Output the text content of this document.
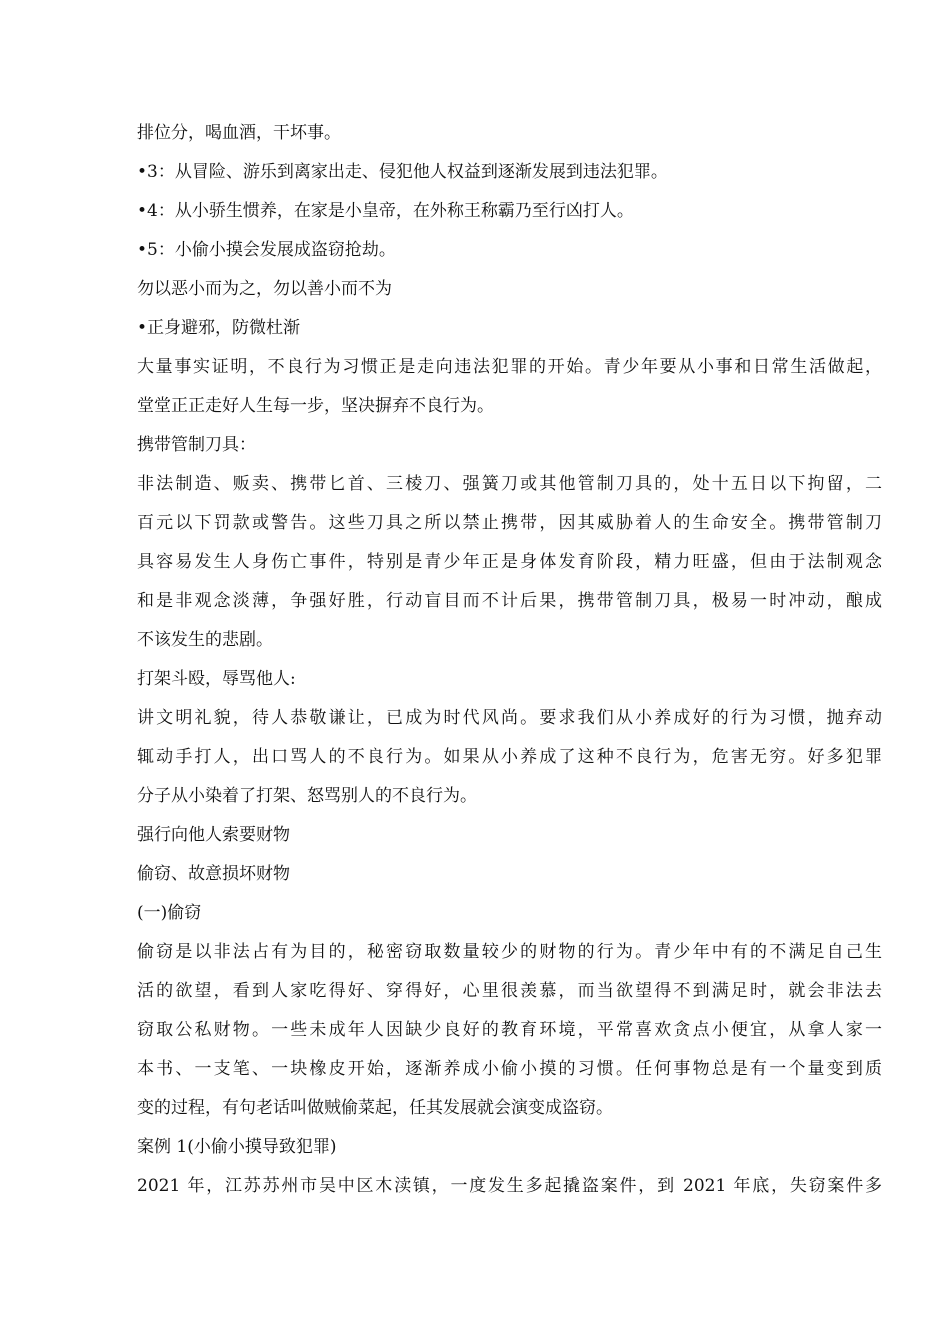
排位分，喝血酒，干坏事。
•3：从冒险、游乐到离家出走、侵犯他人权益到逐渐发展到违法犯罪。
•4：从小骄生惯养，在家是小皇帝，在外称王称霸乃至行凶打人。
•5：小偷小摸会发展成盗窃抢劫。
勿以恶小而为之，勿以善小而不为
•正身避邪，防微杜渐
大量事实证明，不良行为习惯正是走向违法犯罪的开始。青少年要从小事和日常生活做起，
堂堂正正走好人生每一步，坚决摒弃不良行为。
携带管制刀具：
非法制造、贩卖、携带匕首、三棱刀、强簧刀或其他管制刀具的，处十五日以下拘留，二
百元以下罚款或警告。这些刀具之所以禁止携带，因其威胁着人的生命安全。携带管制刀
具容易发生人身伤亡事件，特别是青少年正是身体发育阶段，精力旺盛，但由于法制观念
和是非观念淡薄，争强好胜，行动盲目而不计后果，携带管制刀具，极易一时冲动，酿成
不该发生的悲剧。
打架斗殴，辱骂他人:
讲文明礼貌，待人恭敬谦让，已成为时代风尚。要求我们从小养成好的行为习惯，抛弃动
辄动手打人，出口骂人的不良行为。如果从小养成了这种不良行为，危害无穷。好多犯罪
分子从小染着了打架、怒骂别人的不良行为。
强行向他人索要财物
偷窃、故意损坏财物
(一)偷窃
偷窃是以非法占有为目的，秘密窃取数量较少的财物的行为。青少年中有的不满足自己生
活的欲望，看到人家吃得好、穿得好，心里很羡慕，而当欲望得不到满足时，就会非法去
窃取公私财物。一些未成年人因缺少良好的教育环境，平常喜欢贪点小便宜，从拿人家一
本书、一支笔、一块橡皮开始，逐渐养成小偷小摸的习惯。任何事物总是有一个量变到质
变的过程，有句老话叫做贼偷菜起，任其发展就会演变成盗窃。
案例 1(小偷小摸导致犯罪)
2021 年，江苏苏州市吴中区木渎镇，一度发生多起撬盗案件，到 2021 年底，失窃案件多
